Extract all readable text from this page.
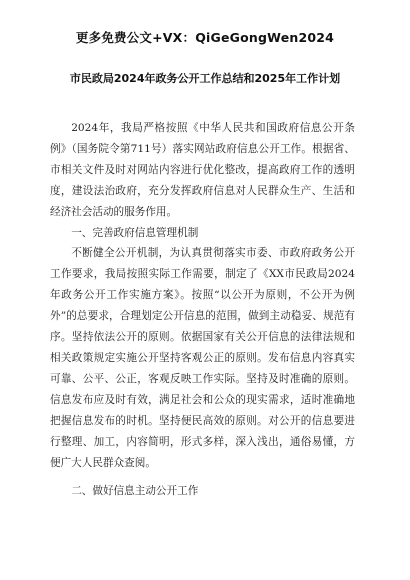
更多免费公文+VX：QiGeGongWen2024
市民政局2024年政务公开工作总结和2025年工作计划

2024年，我局严格按照《中华人民共和国政府信息公开条例》（国务院令第711号）落实网站政府信息公开工作。根据省、市相关文件及时对网站内容进行优化整改，提高政府工作的透明度，建设法治政府，充分发挥政府信息对人民群众生产、生活和经济社会活动的服务作用。

一、完善政府信息管理机制

不断健全公开机制，为认真贯彻落实市委、市政府政务公开工作要求，我局按照实际工作需要，制定了《XX市民政局2024年政务公开工作实施方案》。按照“以公开为原则，不公开为例外”的总要求，合理划定公开信息的范围，做到主动稳妥、规范有序。坚持依法公开的原则。依据国家有关公开信息的法律法规和相关政策规定实施公开坚持客观公正的原则。发布信息内容真实可靠、公平、公正，客观反映工作实际。坚持及时准确的原则。信息发布应及时有效，满足社会和公众的现实需求，适时准确地把握信息发布的时机。坚持便民高效的原则。对公开的信息要进行整理、加工，内容简明，形式多样，深入浅出，通俗易懂，方便广大人民群众查阅。

二、做好信息主动公开工作
